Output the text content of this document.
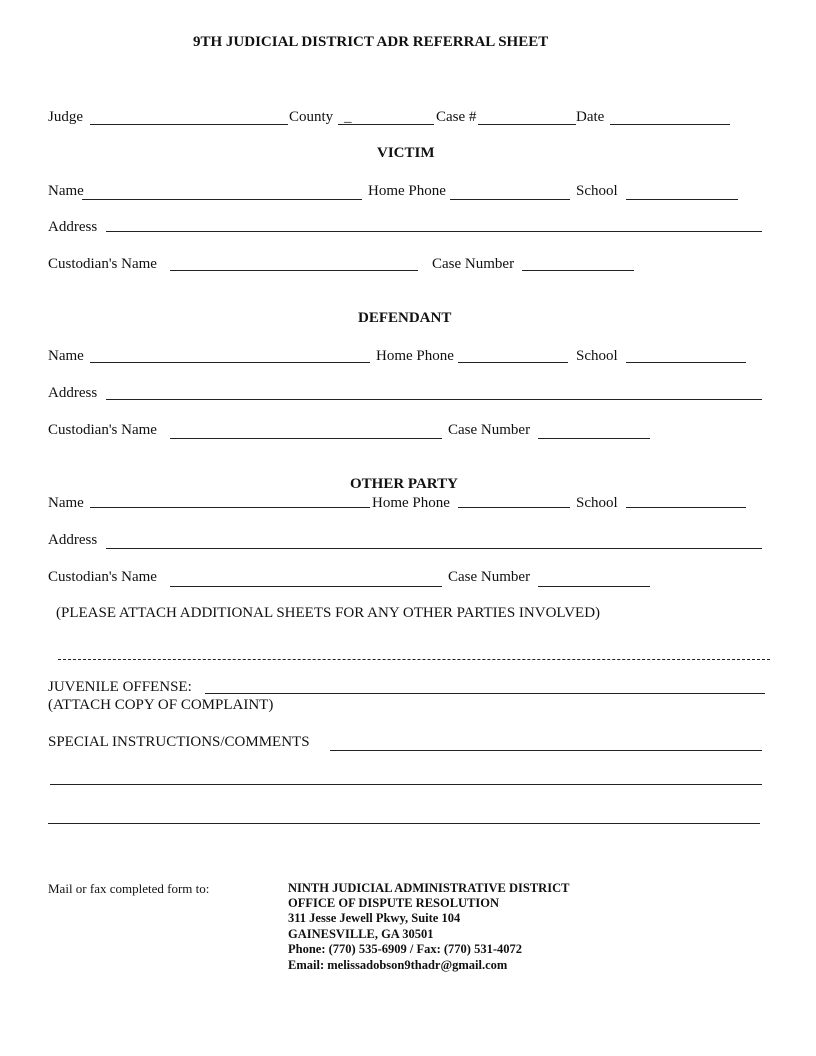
9TH JUDICIAL DISTRICT ADR REFERRAL SHEET
Judge	County _	Case #	Date
VICTIM
Name	Home Phone	School
Address
Custodian's Name	Case Number
DEFENDANT
Name	Home Phone	School
Address
Custodian's Name	Case Number
OTHER PARTY
Name	Home Phone	School
Address
Custodian's Name	Case Number
(PLEASE ATTACH ADDITIONAL SHEETS FOR ANY OTHER PARTIES INVOLVED)
JUVENILE OFFENSE:
(ATTACH COPY OF COMPLAINT)
SPECIAL INSTRUCTIONS/COMMENTS
Mail or fax completed form to:	NINTH JUDICIAL ADMINISTRATIVE DISTRICT
OFFICE OF DISPUTE RESOLUTION
311 Jesse Jewell Pkwy, Suite 104
GAINESVILLE, GA 30501
Phone: (770) 535-6909 / Fax: (770) 531-4072
Email: melissadobson9thadr@gmail.com
